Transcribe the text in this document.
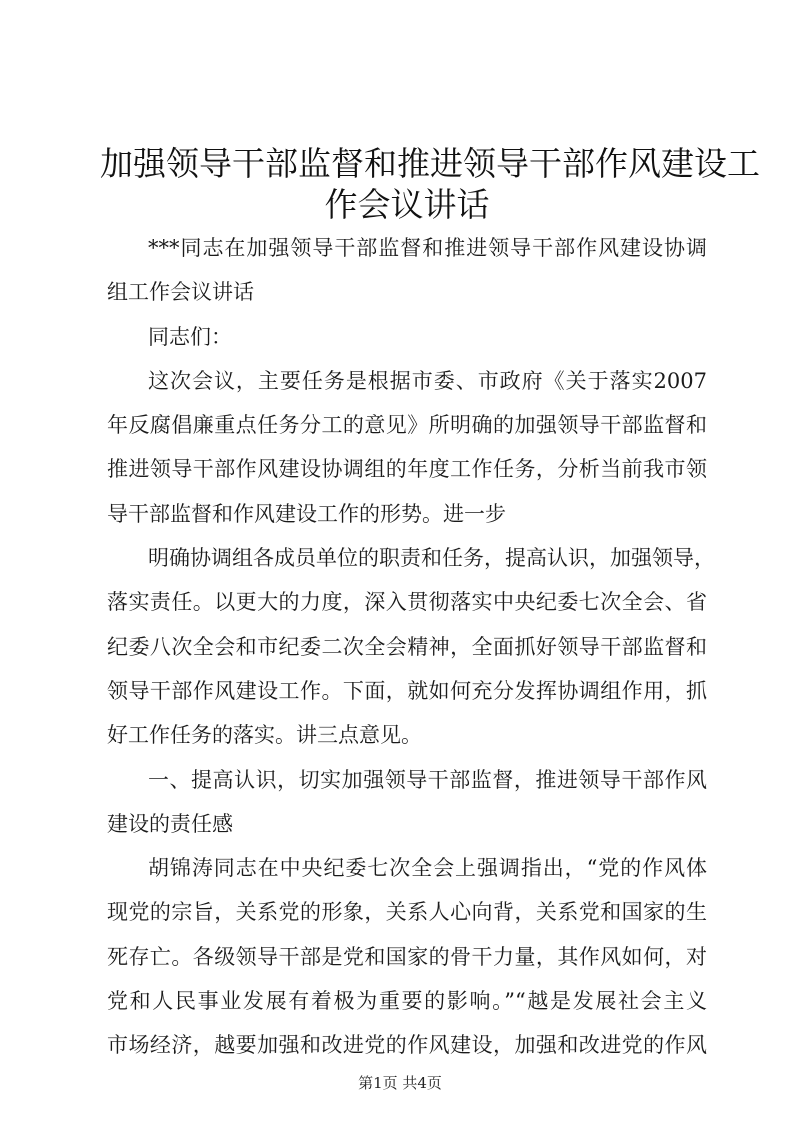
加强领导干部监督和推进领导干部作风建设工
作会议讲话
***同志在加强领导干部监督和推进领导干部作风建设协调
组工作会议讲话
同志们：
这次会议，主要任务是根据市委、市政府《关于落实2007
年反腐倡廉重点任务分工的意见》所明确的加强领导干部监督和
推进领导干部作风建设协调组的年度工作任务，分析当前我市领
导干部监督和作风建设工作的形势。进一步
明确协调组各成员单位的职责和任务，提高认识，加强领导，
落实责任。以更大的力度，深入贯彻落实中央纪委七次全会、省
纪委八次全会和市纪委二次全会精神，全面抓好领导干部监督和
领导干部作风建设工作。下面，就如何充分发挥协调组作用，抓
好工作任务的落实。讲三点意见。
一、提高认识，切实加强领导干部监督，推进领导干部作风
建设的责任感
胡锦涛同志在中央纪委七次全会上强调指出，“党的作风体
现党的宗旨，关系党的形象，关系人心向背，关系党和国家的生
死存亡。各级领导干部是党和国家的骨干力量，其作风如何，对
党和人民事业发展有着极为重要的影响。”“越是发展社会主义
市场经济，越要加强和改进党的作风建设，加强和改进党的作风
第1页 共4页
